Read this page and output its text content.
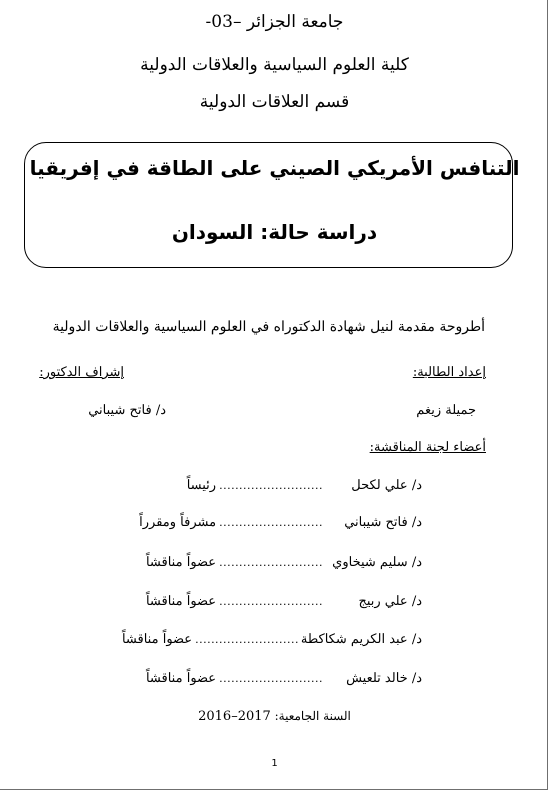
جامعة الجزائر –03-
كلية العلوم السياسية والعلاقات الدولية
قسم العلاقات الدولية
التنافس الأمريكي الصيني على الطاقة في إفريقيا
دراسة حالة: السودان
أطروحة مقدمة لنيل شهادة الدكتوراه في العلوم السياسية والعلاقات الدولية
إعداد الطالبة:
إشراف الدكتور:
جميلة زيغم
د/ فاتح شيباني
أعضاء لجنة المناقشة:
د/ علي لكحل
..........................
رئيساً
د/ فاتح شيباني
..........................
مشرفاً ومقرراً
د/ سليم شيخاوي
..........................
عضواً مناقشاً
د/ علي ربيج
..........................
عضواً مناقشاً
د/ عبد الكريم شكاكطة
..........................
عضواً مناقشاً
د/ خالد تلعيش
..........................
عضواً مناقشاً
السنة الجامعية: 2016–2017
1
